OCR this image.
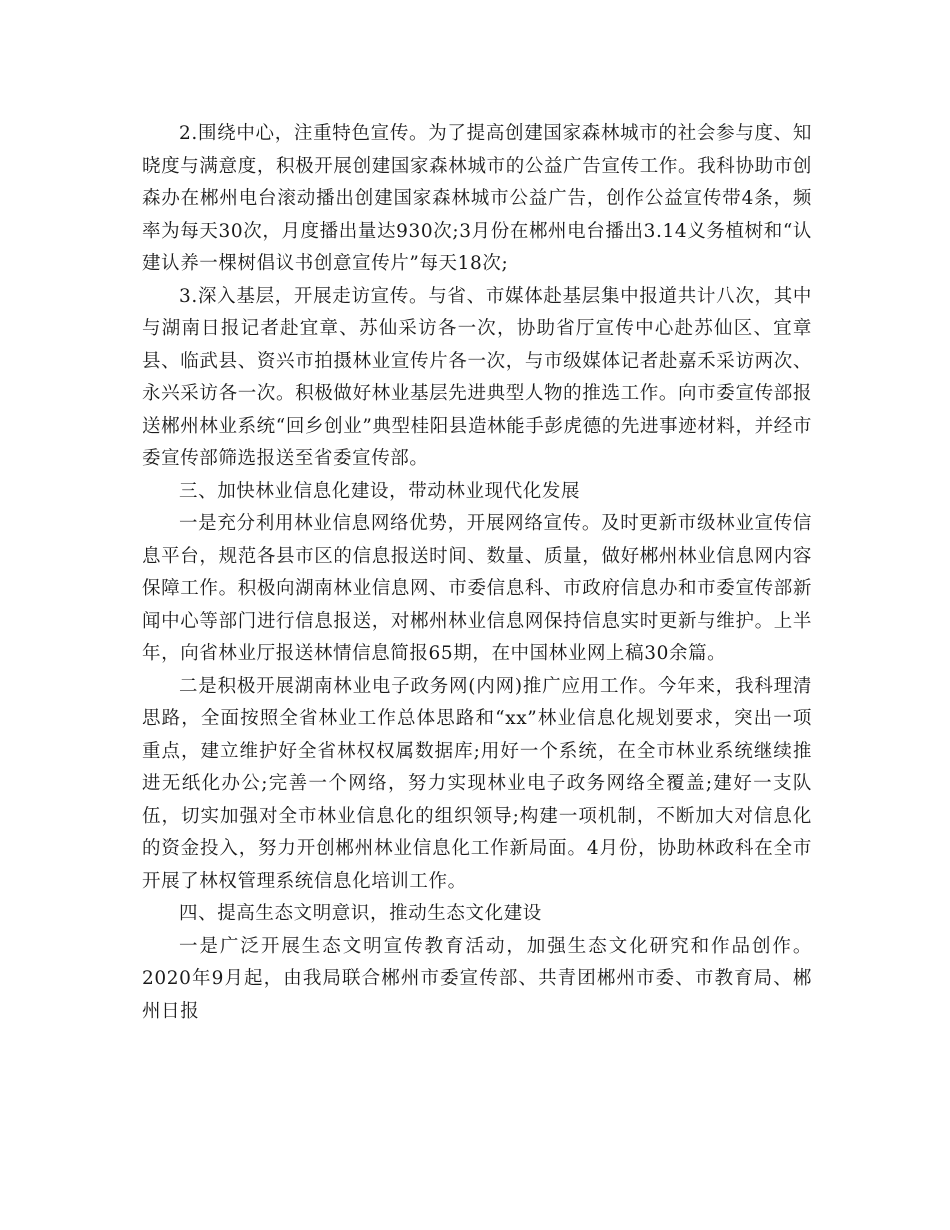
2.围绕中心，注重特色宣传。为了提高创建国家森林城市的社会参与度、知晓度与满意度，积极开展创建国家森林城市的公益广告宣传工作。我科协助市创森办在郴州电台滚动播出创建国家森林城市公益广告，创作公益宣传带4条，频率为每天30次，月度播出量达930次;3月份在郴州电台播出3.14义务植树和“认建认养一棵树倡议书创意宣传片”每天18次;

3.深入基层，开展走访宣传。与省、市媒体赴基层集中报道共计八次，其中与湖南日报记者赴宜章、苏仙采访各一次，协助省厅宣传中心赴苏仙区、宜章县、临武县、资兴市拍摄林业宣传片各一次，与市级媒体记者赴嘉禾采访两次、永兴采访各一次。积极做好林业基层先进典型人物的推选工作。向市委宣传部报送郴州林业系统“回乡创业”典型桂阳县造林能手彭虎德的先进事迹材料，并经市委宣传部筛选报送至省委宣传部。

三、加快林业信息化建设，带动林业现代化发展

一是充分利用林业信息网络优势，开展网络宣传。及时更新市级林业宣传信息平台，规范各县市区的信息报送时间、数量、质量，做好郴州林业信息网内容保障工作。积极向湖南林业信息网、市委信息科、市政府信息办和市委宣传部新闻中心等部门进行信息报送，对郴州林业信息网保持信息实时更新与维护。上半年，向省林业厅报送林情信息简报65期，在中国林业网上稿30余篇。

二是积极开展湖南林业电子政务网(内网)推广应用工作。今年来，我科理清思路，全面按照全省林业工作总体思路和“xx”林业信息化规划要求，突出一项重点，建立维护好全省林权权属数据库;用好一个系统，在全市林业系统继续推进无纸化办公;完善一个网络，努力实现林业电子政务网络全覆盖;建好一支队伍，切实加强对全市林业信息化的组织领导;构建一项机制，不断加大对信息化的资金投入，努力开创郴州林业信息化工作新局面。4月份，协助林政科在全市开展了林权管理系统信息化培训工作。

四、提高生态文明意识，推动生态文化建设

一是广泛开展生态文明宣传教育活动，加强生态文化研究和作品创作。2020年9月起，由我局联合郴州市委宣传部、共青团郴州市委、市教育局、郴州日报
